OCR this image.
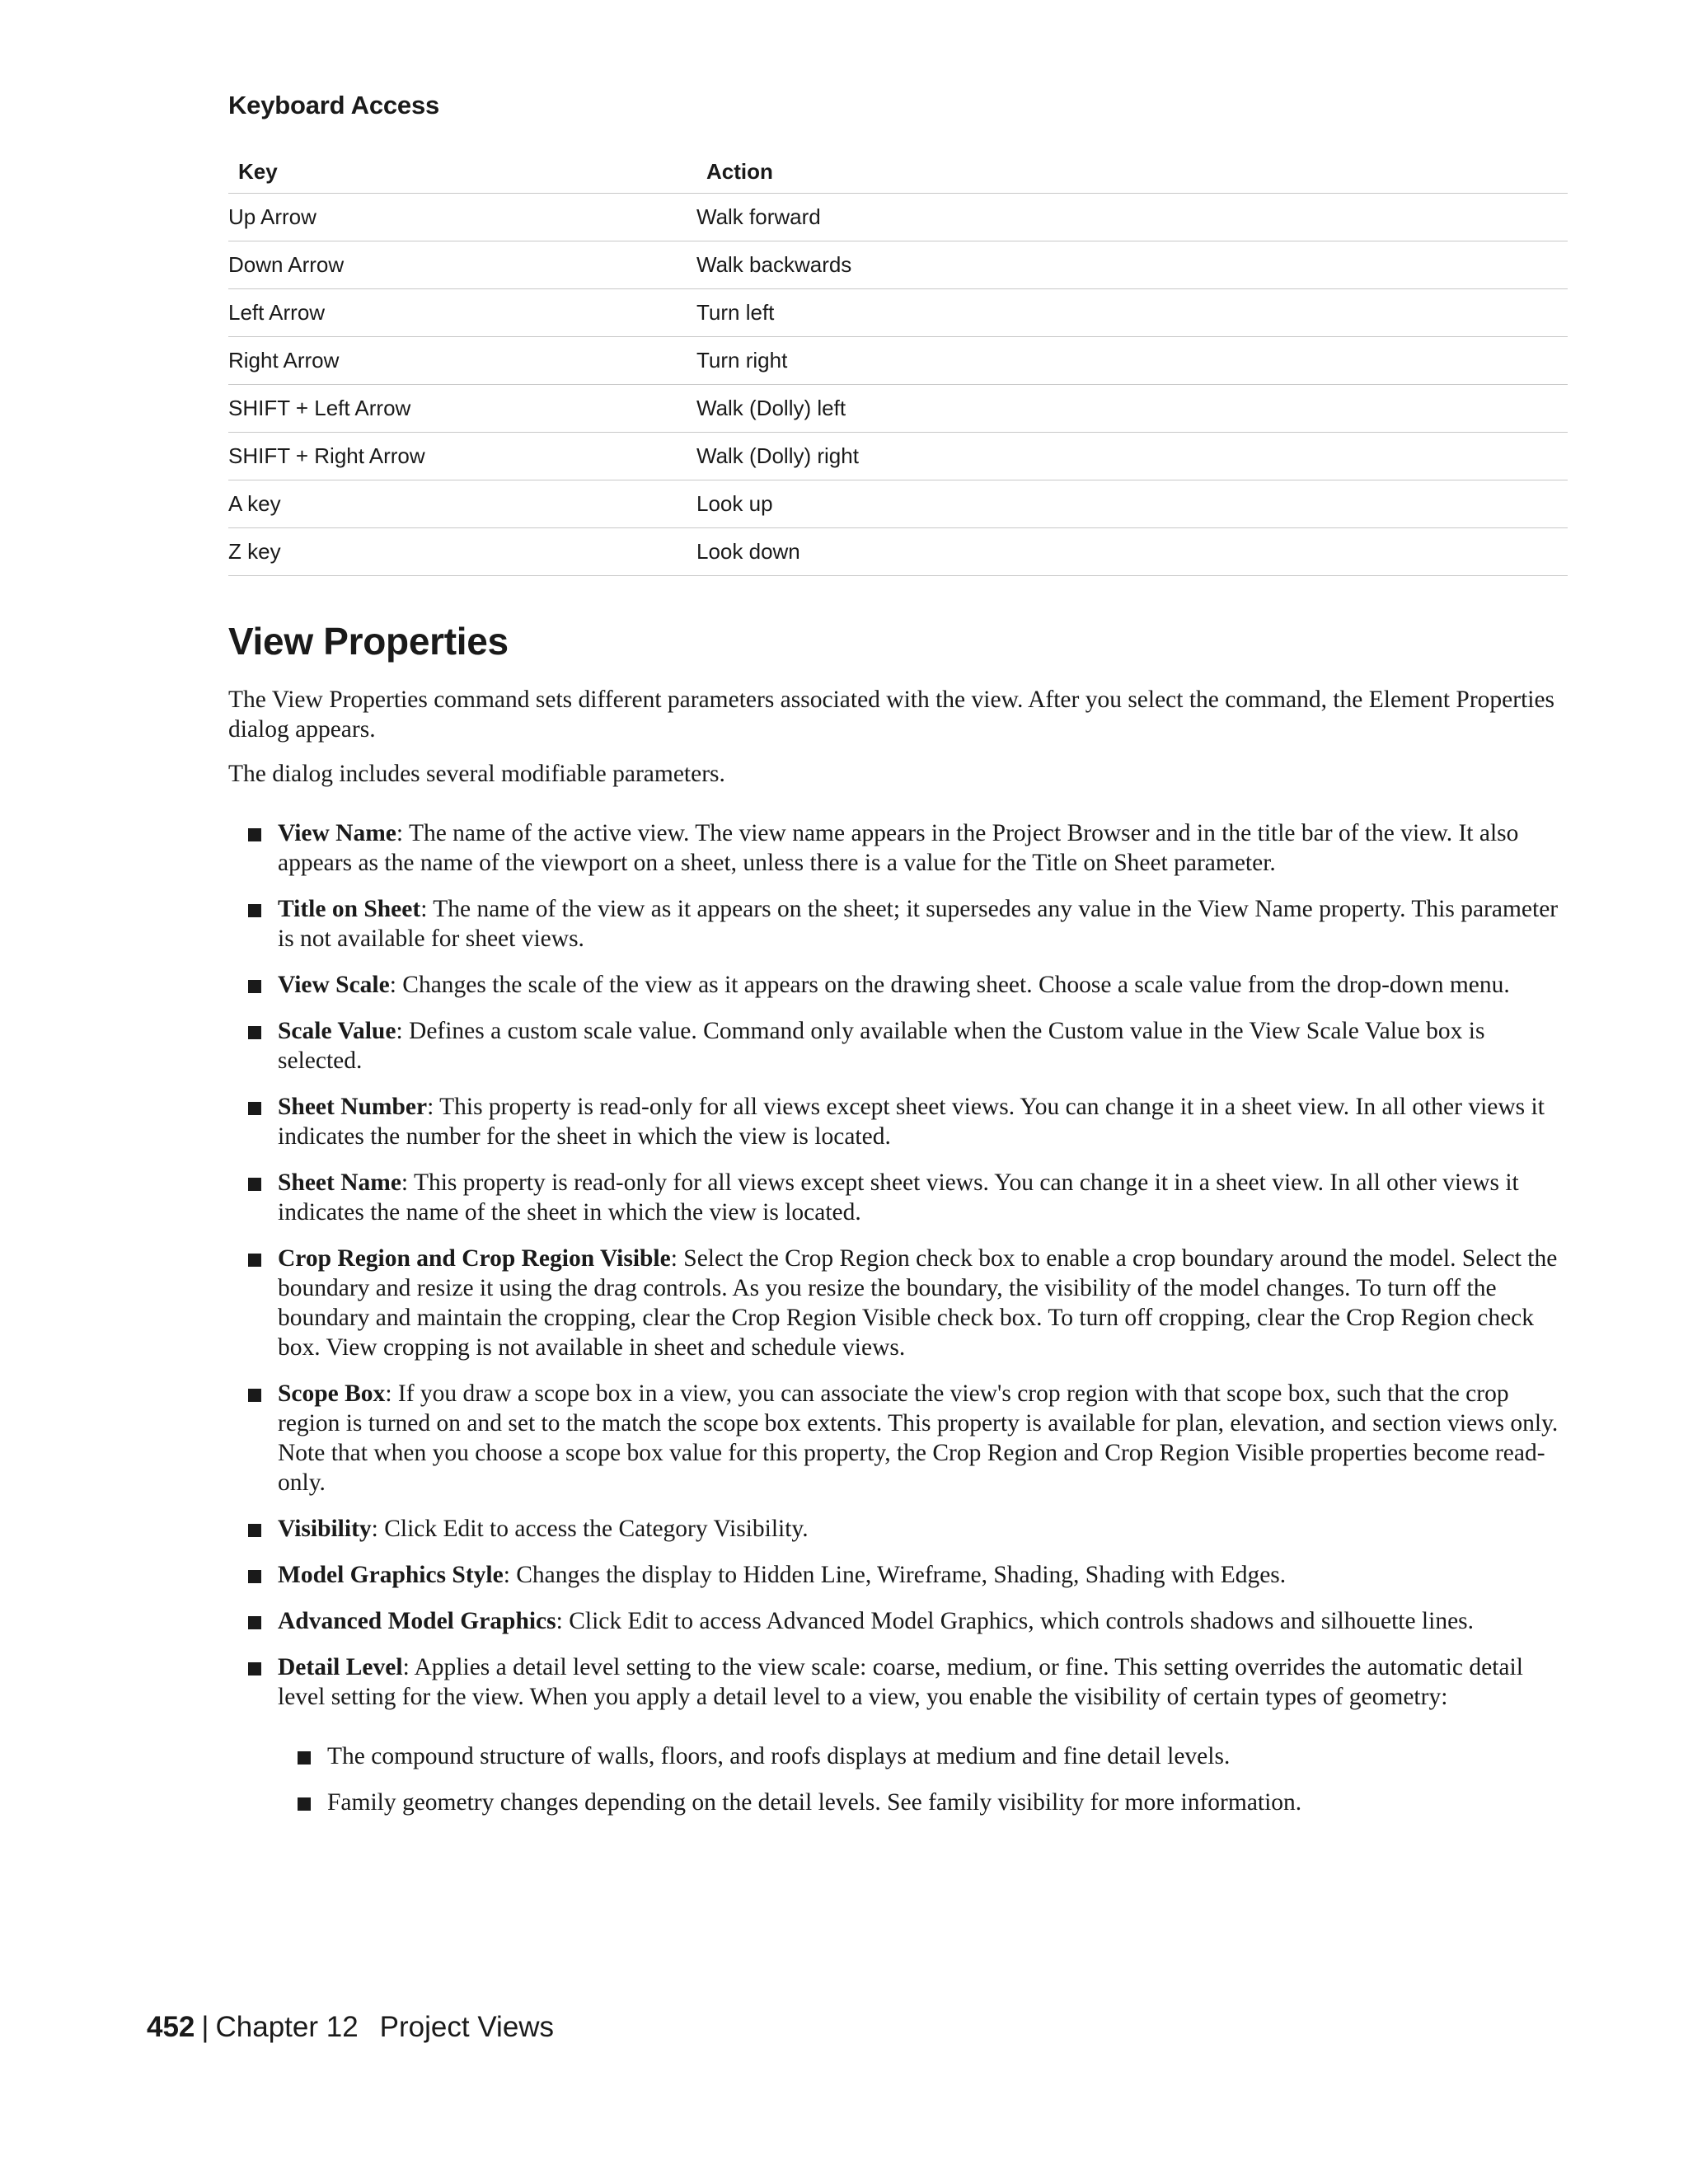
Keyboard Access
Key	Action
Up Arrow	Walk forward
Down Arrow	Walk backwards
Left Arrow	Turn left
Right Arrow	Turn right
SHIFT + Left Arrow	Walk (Dolly) left
SHIFT + Right Arrow	Walk (Dolly) right
A key	Look up
Z key	Look down
View Properties

The View Properties command sets different parameters associated with the view. After you select the command, the Element Properties dialog appears.

The dialog includes several modifiable parameters.

View Name: The name of the active view. The view name appears in the Project Browser and in the title bar of the view. It also appears as the name of the viewport on a sheet, unless there is a value for the Title on Sheet parameter.
Title on Sheet: The name of the view as it appears on the sheet; it supersedes any value in the View Name property. This parameter is not available for sheet views.
View Scale: Changes the scale of the view as it appears on the drawing sheet. Choose a scale value from the drop-down menu.
Scale Value: Defines a custom scale value. Command only available when the Custom value in the View Scale Value box is selected.
Sheet Number: This property is read-only for all views except sheet views. You can change it in a sheet view. In all other views it indicates the number for the sheet in which the view is located.
Sheet Name: This property is read-only for all views except sheet views. You can change it in a sheet view. In all other views it indicates the name of the sheet in which the view is located.
Crop Region and Crop Region Visible: Select the Crop Region check box to enable a crop boundary around the model. Select the boundary and resize it using the drag controls. As you resize the boundary, the visibility of the model changes. To turn off the boundary and maintain the cropping, clear the Crop Region Visible check box. To turn off cropping, clear the Crop Region check box. View cropping is not available in sheet and schedule views.
Scope Box: If you draw a scope box in a view, you can associate the view's crop region with that scope box, such that the crop region is turned on and set to the match the scope box extents. This property is available for plan, elevation, and section views only. Note that when you choose a scope box value for this property, the Crop Region and Crop Region Visible properties become read-only.
Visibility: Click Edit to access the Category Visibility.
Model Graphics Style: Changes the display to Hidden Line, Wireframe, Shading, Shading with Edges.
Advanced Model Graphics: Click Edit to access Advanced Model Graphics, which controls shadows and silhouette lines.
Detail Level: Applies a detail level setting to the view scale: coarse, medium, or fine. This setting overrides the automatic detail level setting for the view. When you apply a detail level to a view, you enable the visibility of certain types of geometry:
The compound structure of walls, floors, and roofs displays at medium and fine detail levels.
Family geometry changes depending on the detail levels. See family visibility for more information.
452 | Chapter 12 Project Views
